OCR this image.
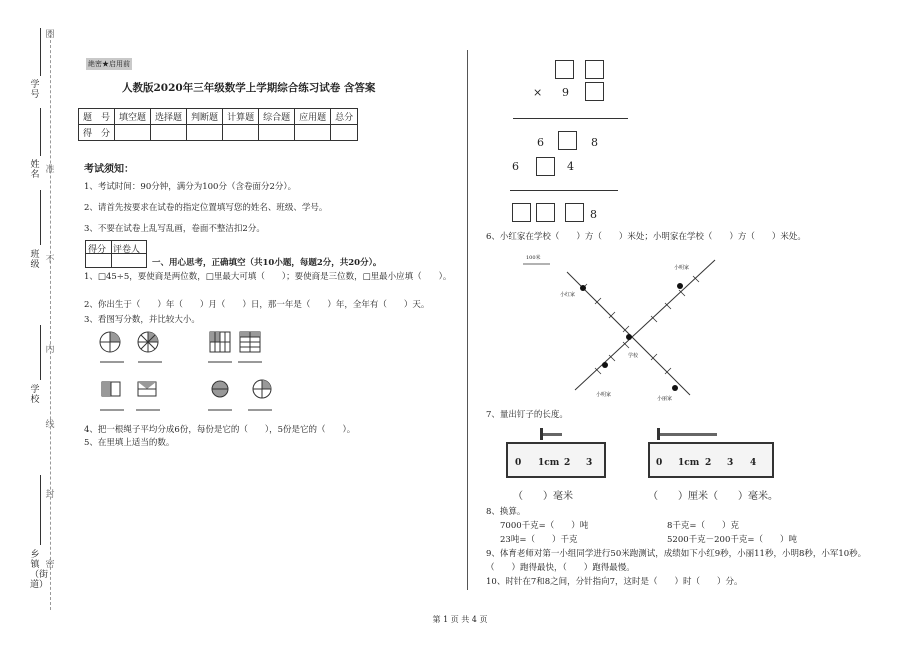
学号
姓名
班级
学校
乡镇（街道）
圈
准
不
内
线
封
密
絶密★启用前
人教版2020年三年级数学上学期综合练习试卷 含答案
题　号	填空题	选择题	判断题	计算题	综合题	应用题	总分
得　分							
考试须知：
1、考试时间：90分钟，满分为100分（含卷面分2分）。
2、请首先按要求在试卷的指定位置填写您的姓名、班级、学号。
3、不要在试卷上乱写乱画，卷面不整洁扣2分。
得分 评卷人
一、用心思考，正确填空（共10小题，每题2分，共20分）。
1、□45÷5，要使商是两位数，□里最大可填（　　）；要使商是三位数，□里最小应填（　　）。
2、你出生于（　　）年（　　）月（　　）日，那一年是（　　）年，全年有（　　）天。
3、看图写分数，并比较大小。
4、把一根绳子平均分成6份，每份是它的（　　），5份是它的（　　）。
5、在里填上适当的数。
× 9
6	8
6	4
8
6、小红家在学校（　　）方（　　）米处；小明家在学校（　　）方（　　）米处。
100米
小明家
小红家
学校
小明家
小丽家
7、量出钉子的长度。
0 1cm 2 3	0 1cm 2 3 4
（　　）毫米	（　　）厘米（　　）毫米。
8、换算。
7000千克=（　　）吨	8千克=（　　）克
23吨=（　　）千克	5200千克－200千克=（　　）吨
9、体育老师对第一小组同学进行50米跑测试，成绩如下小红9秒，小丽11秒，小明8秒，小军10秒。
（　　）跑得最快，（　　）跑得最慢。
10、时针在7和8之间，分针指向7，这时是（　　）时（　　）分。
第 1 页 共 4 页
